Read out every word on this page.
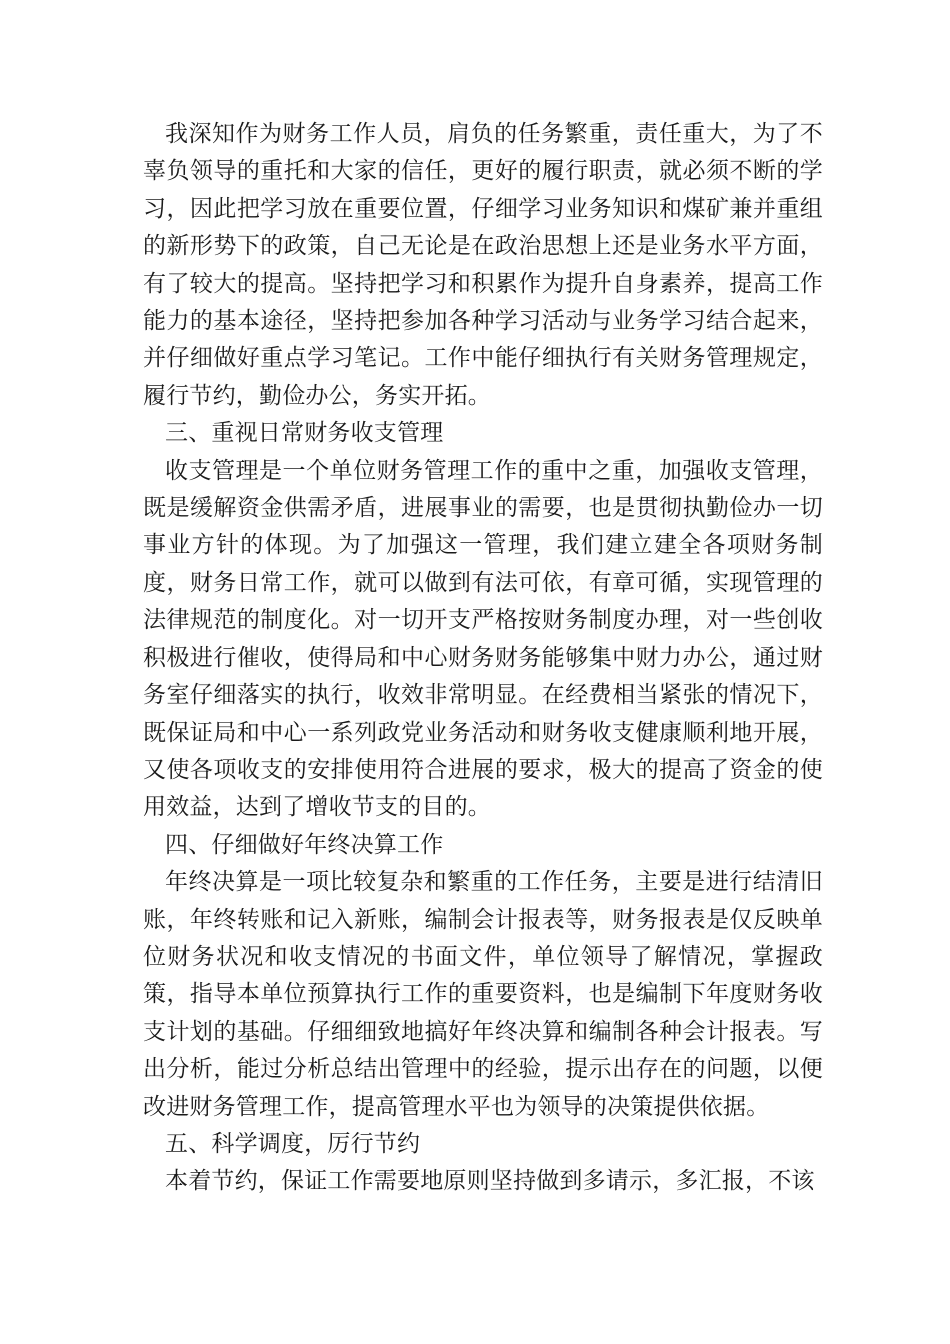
我深知作为财务工作人员，肩负的任务繁重，责任重大，为了不辜负领导的重托和大家的信任，更好的履行职责，就必须不断的学习，因此把学习放在重要位置，仔细学习业务知识和煤矿兼并重组的新形势下的政策，自己无论是在政治思想上还是业务水平方面，有了较大的提高。坚持把学习和积累作为提升自身素养，提高工作能力的基本途径，坚持把参加各种学习活动与业务学习结合起来，并仔细做好重点学习笔记。工作中能仔细执行有关财务管理规定，履行节约，勤俭办公，务实开拓。

三、重视日常财务收支管理

收支管理是一个单位财务管理工作的重中之重，加强收支管理，既是缓解资金供需矛盾，进展事业的需要，也是贯彻执勤俭办一切事业方针的体现。为了加强这一管理，我们建立建全各项财务制度，财务日常工作，就可以做到有法可依，有章可循，实现管理的法律规范的制度化。对一切开支严格按财务制度办理，对一些创收积极进行催收，使得局和中心财务财务能够集中财力办公，通过财务室仔细落实的执行，收效非常明显。在经费相当紧张的情况下，既保证局和中心一系列政党业务活动和财务收支健康顺利地开展，又使各项收支的安排使用符合进展的要求，极大的提高了资金的使用效益，达到了增收节支的目的。

四、仔细做好年终决算工作

年终决算是一项比较复杂和繁重的工作任务，主要是进行结清旧账，年终转账和记入新账，编制会计报表等，财务报表是仅反映单位财务状况和收支情况的书面文件，单位领导了解情况，掌握政策，指导本单位预算执行工作的重要资料，也是编制下年度财务收支计划的基础。仔细细致地搞好年终决算和编制各种会计报表。写出分析，能过分析总结出管理中的经验，提示出存在的问题，以便改进财务管理工作，提高管理水平也为领导的决策提供依据。

五、科学调度，厉行节约

本着节约，保证工作需要地原则坚持做到多请示，多汇报，不该
